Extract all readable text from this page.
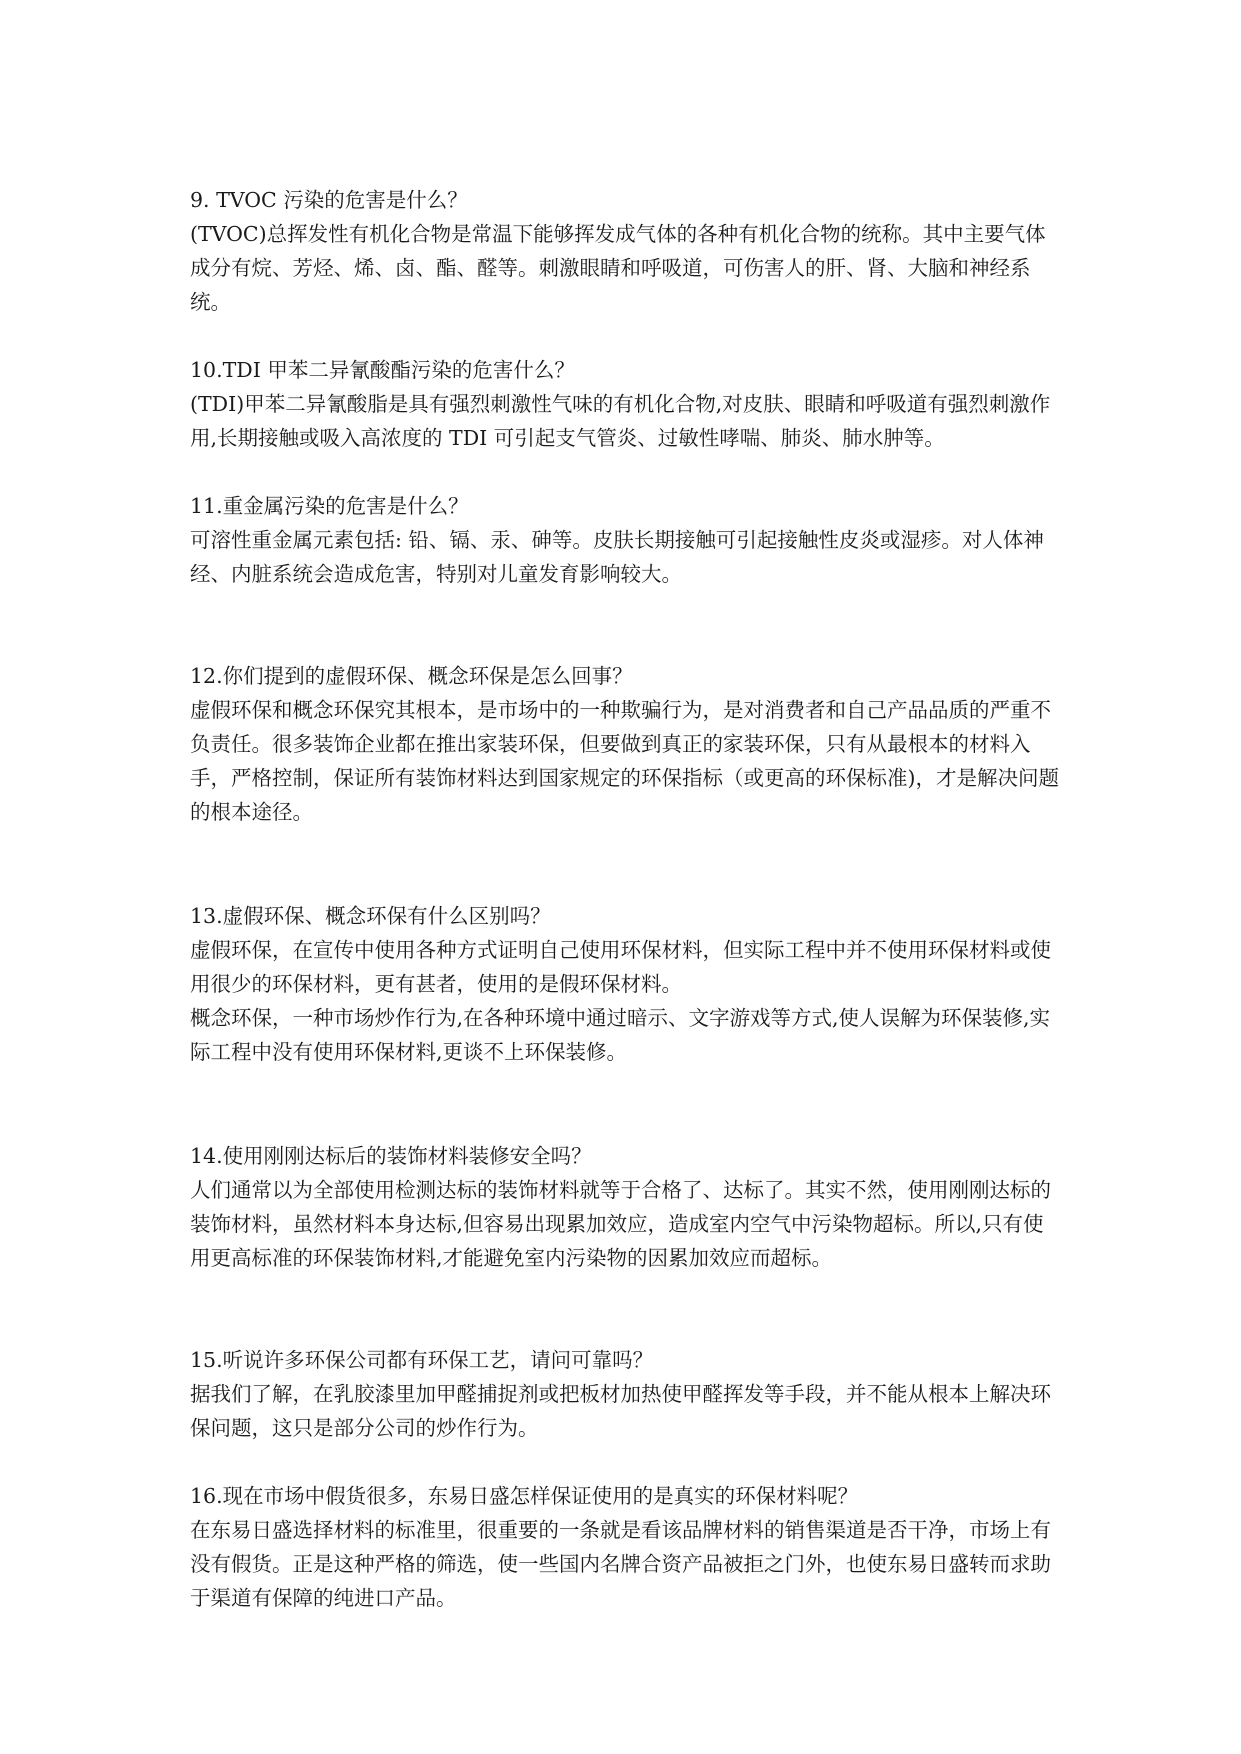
9. TVOC 污染的危害是什么？

(TVOC)总挥发性有机化合物是常温下能够挥发成气体的各种有机化合物的统称。其中主要气体成分有烷、芳烃、烯、卤、酯、醛等。刺激眼睛和呼吸道，可伤害人的肝、肾、大脑和神经系统。

10.TDI 甲苯二异氰酸酯污染的危害什么？

(TDI)甲苯二异氰酸脂是具有强烈刺激性气味的有机化合物,对皮肤、眼睛和呼吸道有强烈刺激作用,长期接触或吸入高浓度的 TDI 可引起支气管炎、过敏性哮喘、肺炎、肺水肿等。

11.重金属污染的危害是什么？

可溶性重金属元素包括: 铅、镉、汞、砷等。皮肤长期接触可引起接触性皮炎或湿疹。对人体神经、内脏系统会造成危害，特别对儿童发育影响较大。

12.你们提到的虚假环保、概念环保是怎么回事？

虚假环保和概念环保究其根本，是市场中的一种欺骗行为，是对消费者和自己产品品质的严重不负责任。很多装饰企业都在推出家装环保，但要做到真正的家装环保，只有从最根本的材料入手，严格控制，保证所有装饰材料达到国家规定的环保指标（或更高的环保标准)，才是解决问题的根本途径。

13.虚假环保、概念环保有什么区别吗？

虚假环保，在宣传中使用各种方式证明自己使用环保材料，但实际工程中并不使用环保材料或使用很少的环保材料，更有甚者，使用的是假环保材料。

概念环保，一种市场炒作行为,在各种环境中通过暗示、文字游戏等方式,使人误解为环保装修,实际工程中没有使用环保材料,更谈不上环保装修。

14.使用刚刚达标后的装饰材料装修安全吗？

人们通常以为全部使用检测达标的装饰材料就等于合格了、达标了。其实不然，使用刚刚达标的装饰材料，虽然材料本身达标,但容易出现累加效应，造成室内空气中污染物超标。所以,只有使用更高标准的环保装饰材料,才能避免室内污染物的因累加效应而超标。

15.听说许多环保公司都有环保工艺，请问可靠吗？

据我们了解，在乳胶漆里加甲醛捕捉剂或把板材加热使甲醛挥发等手段，并不能从根本上解决环保问题，这只是部分公司的炒作行为。

16.现在市场中假货很多，东易日盛怎样保证使用的是真实的环保材料呢？

在东易日盛选择材料的标准里，很重要的一条就是看该品牌材料的销售渠道是否干净，市场上有没有假货。正是这种严格的筛选，使一些国内名牌合资产品被拒之门外，也使东易日盛转而求助于渠道有保障的纯进口产品。
